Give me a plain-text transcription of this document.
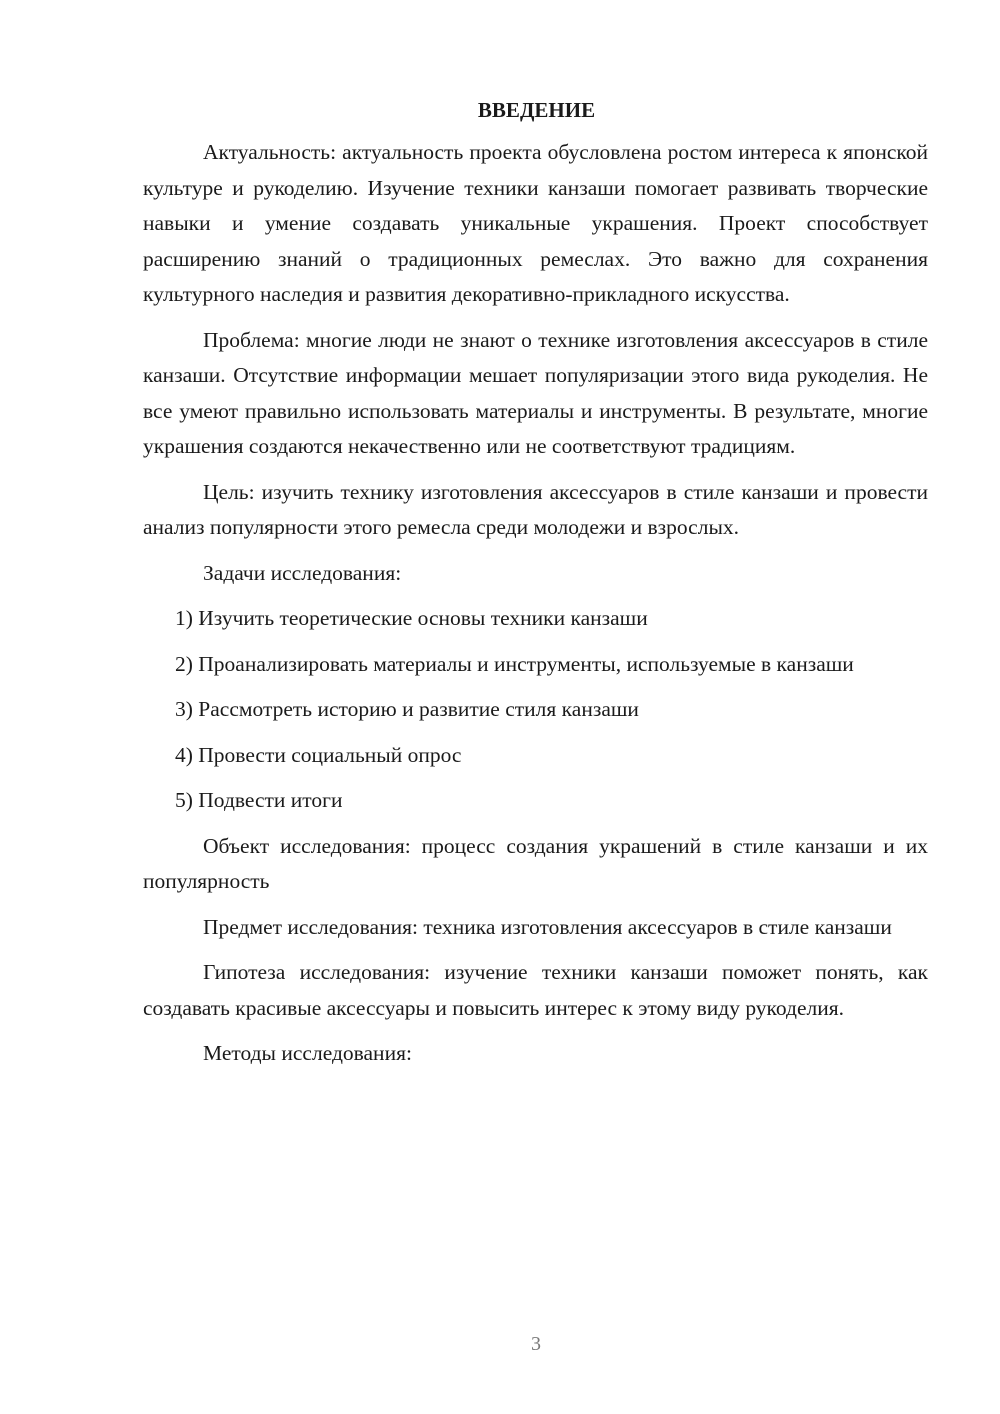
ВВЕДЕНИЕ
Актуальность: актуальность проекта обусловлена ростом интереса к японской культуре и рукоделию. Изучение техники канзаши помогает развивать творческие навыки и умение создавать уникальные украшения. Проект способствует расширению знаний о традиционных ремеслах. Это важно для сохранения культурного наследия и развития декоративно-прикладного искусства.
Проблема: многие люди не знают о технике изготовления аксессуаров в стиле канзаши. Отсутствие информации мешает популяризации этого вида рукоделия. Не все умеют правильно использовать материалы и инструменты. В результате, многие украшения создаются некачественно или не соответствуют традициям.
Цель: изучить технику изготовления аксессуаров в стиле канзаши и провести анализ популярности этого ремесла среди молодежи и взрослых.
Задачи исследования:
1) Изучить теоретические основы техники канзаши
2) Проанализировать материалы и инструменты, используемые в канзаши
3) Рассмотреть историю и развитие стиля канзаши
4) Провести социальный опрос
5) Подвести итоги
Объект исследования: процесс создания украшений в стиле канзаши и их популярность
Предмет исследования: техника изготовления аксессуаров в стиле канзаши
Гипотеза исследования: изучение техники канзаши поможет понять, как создавать красивые аксессуары и повысить интерес к этому виду рукоделия.
Методы исследования:
3
